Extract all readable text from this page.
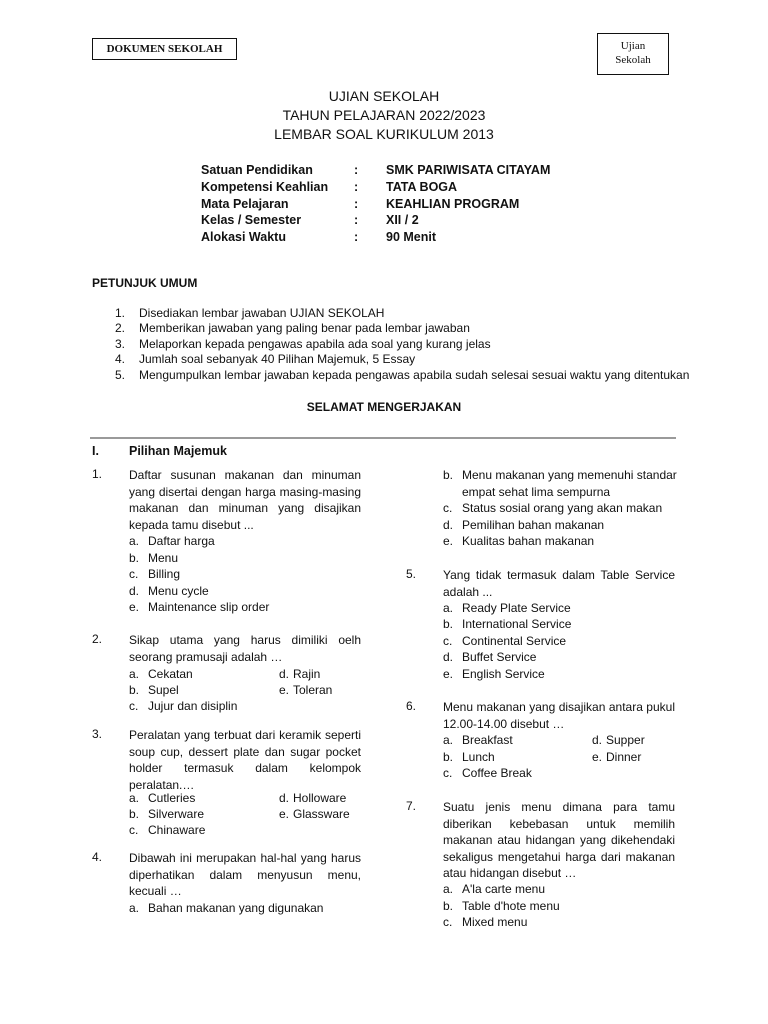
DOKUMEN SEKOLAH	Ujian
Sekolah
UJIAN SEKOLAH
TAHUN PELAJARAN 2022/2023
LEMBAR SOAL KURIKULUM 2013
Satuan Pendidikan	: SMK PARIWISATA CITAYAM
Kompetensi Keahlian : TATA BOGA
Mata Pelajaran	: KEAHLIAN PROGRAM
Kelas / Semester	: XII / 2
Alokasi Waktu	: 90 Menit
PETUNJUK UMUM
1. Disediakan lembar jawaban UJIAN SEKOLAH
2. Memberikan jawaban yang paling benar pada lembar jawaban
3. Melaporkan kepada pengawas apabila ada soal yang kurang jelas
4. Jumlah soal sebanyak 40 Pilihan Majemuk, 5 Essay
5. Mengumpulkan lembar jawaban kepada pengawas apabila sudah selesai sesuai waktu yang ditentukan
SELAMAT MENGERJAKAN
I. Pilihan Majemuk
1. Daftar susunan makanan dan minuman yang disertai dengan harga masing-masing makanan dan minuman yang disajikan kepada tamu disebut ...
a. Daftar harga
b. Menu
c. Billing
d. Menu cycle
e. Maintenance slip order
2. Sikap utama yang harus dimiliki oelh seorang pramusaji adalah …
a. Cekatan	d. Rajin
b. Supel	e. Toleran
c. Jujur dan disiplin
3. Peralatan yang terbuat dari keramik seperti soup cup, dessert plate dan sugar pocket holder termasuk dalam kelompok peralatan.…
a. Cutleries	d. Holloware
b. Silverware	e. Glassware
c. Chinaware
4. Dibawah ini merupakan hal-hal yang harus diperhatikan dalam menyusun menu, kecuali …
a. Bahan makanan yang digunakan
b. Menu makanan yang memenuhi standar
empat sehat lima sempurna
c. Status sosial orang yang akan makan
d. Pemilihan bahan makanan
e. Kualitas bahan makanan
5. Yang tidak termasuk dalam Table Service adalah ...
a. Ready Plate Service
b. International Service
c. Continental Service
d. Buffet Service
e. English Service
6. Menu makanan yang disajikan antara pukul 12.00-14.00 disebut …
a. Breakfast	d. Supper
b. Lunch	e. Dinner
c. Coffee Break
7. Suatu jenis menu dimana para tamu diberikan kebebasan untuk memilih makanan atau hidangan yang dikehendaki sekaligus mengetahui harga dari makanan atau hidangan disebut …
a. A'la carte menu
b. Table d'hote menu
c. Mixed menu
